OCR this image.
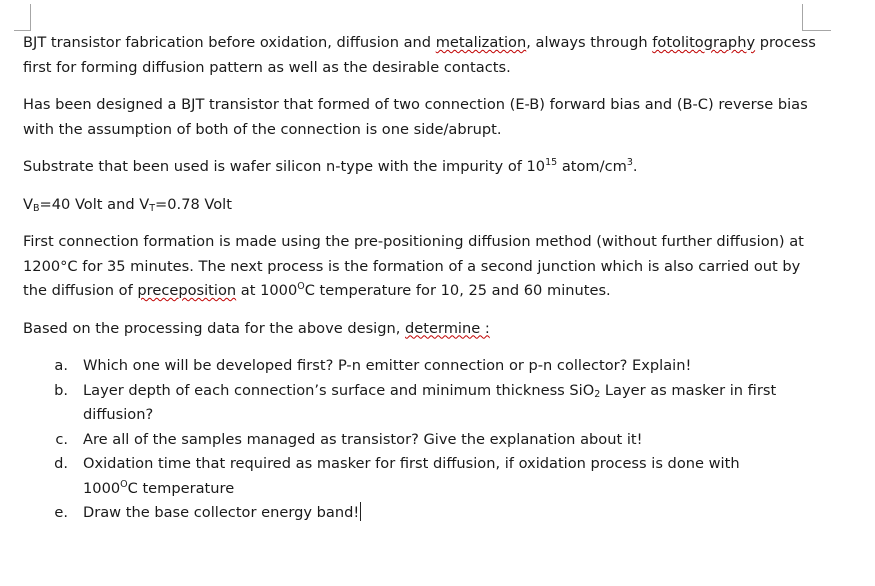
BJT transistor fabrication before oxidation, diffusion and metalization, always through fotolitography process first for forming diffusion pattern as well as the desirable contacts.

Has been designed a BJT transistor that formed of two connection (E-B) forward bias and (B-C) reverse bias with the assumption of both of the connection is one side/abrupt.

Substrate that been used is wafer silicon n-type with the impurity of $10^{15}$ atom/$cm^3$.

$V_B=40$ Volt and $V_T=0.78$ Volt

First connection formation is made using the pre-positioning diffusion method (without further diffusion) at 1200°C for 35 minutes. The next process is the formation of a second junction which is also carried out by the diffusion of preceposition at $1000^OC$ temperature for 10, 25 and 60 minutes.

Based on the processing data for the above design, determine :

a.	Which one will be developed first? P-n emitter connection or p-n collector? Explain!
b.	Layer depth of each connection’s surface and minimum thickness SiO$_2$ Layer as masker in first diffusion?
c.	Are all of the samples managed as transistor? Give the explanation about it!
d.	Oxidation time that required as masker for first diffusion, if oxidation process is done with $1000^OC$ temperature
e.	Draw the base collector energy band!
